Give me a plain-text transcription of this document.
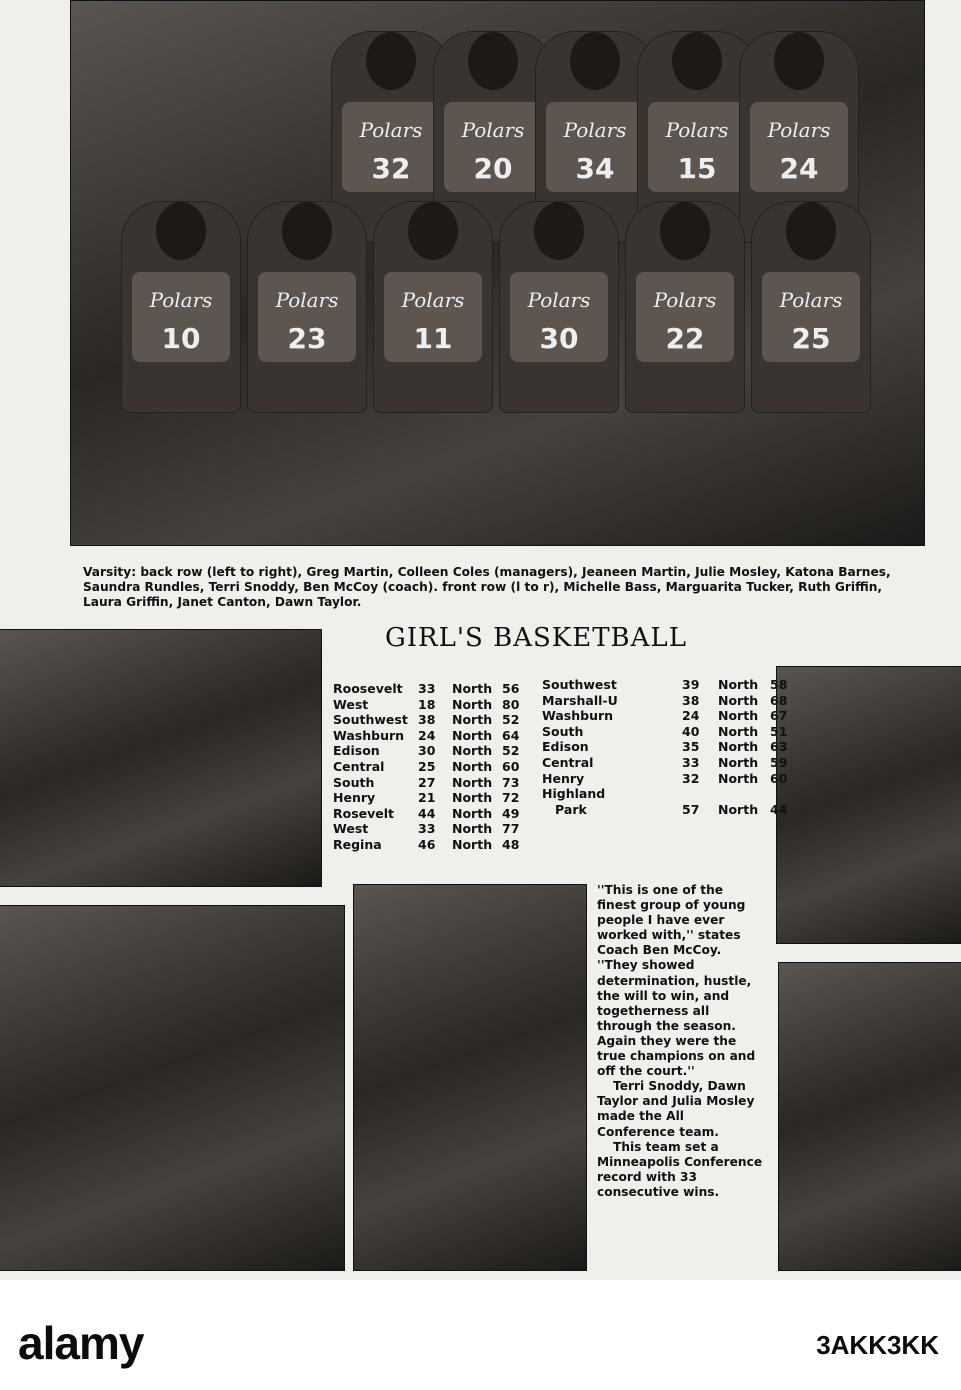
Polars
32
Polars
20
Polars
34
Polars
15
Polars
24
Polars
10
Polars
23
Polars
11
Polars
30
Polars
22
Polars
25
Varsity: back row (left to right), Greg Martin, Colleen Coles (managers), Jeaneen Martin, Julie Mosley, Katona Barnes, Saundra Rundles, Terri Snoddy, Ben McCoy (coach). front row (l to r), Michelle Bass, Marguarita Tucker, Ruth Griffin, Laura Griffin, Janet Canton, Dawn Taylor.
GIRL'S BASKETBALL
Roosevelt	33	North 56
West	18	North 80
Southwest 38	North 52
Washburn	24	North 64
Edison	30	North 52
Central	25	North 60
South	27	North 73
Henry	21	North 72
Rosevelt	44	North 49
West	33	North 77
Regina	46	North 48
Southwest	39	North 58
Marshall-U	38	North 68
Washburn	24	North 67
South	40	North 51
Edison	35	North 63
Central	33	North 59
Henry	32	North 60
Highland
Park	57	North 44

''This is one of the finest group of young people I have ever worked with,'' states Coach Ben McCoy. ''They showed determination, hustle, the will to win, and togetherness all through the season. Again they were the true champions on and off the court.''

Terri Snoddy, Dawn Taylor and Julia Mosley made the All Conference team.

This team set a Minneapolis Conference record with 33 consecutive wins.

alamy	3AKK3KK
